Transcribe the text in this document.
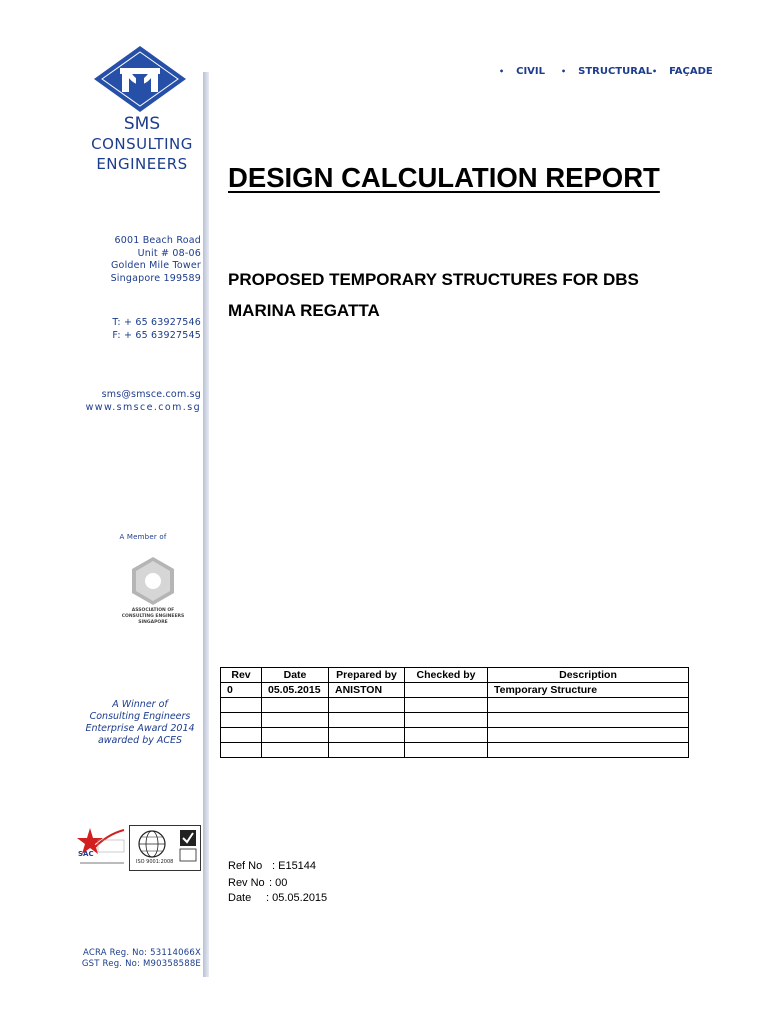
SMS
CONSULTING
ENGINEERS
6001 Beach Road
Unit # 08-06
Golden Mile Tower
Singapore 199589
T: + 65 63927546
F: + 65 63927545
sms@smsce.com.sg
www.smsce.com.sg
A Member of
ASSOCIATION OF
CONSULTING ENGINEERS
SINGAPORE
A Winner of
Consulting Engineers
Enterprise Award 2014
awarded by ACES
SAC
ISO 9001:2008
ACRA Reg. No: 53114066X
GST Reg. No: M90358588E
• CIVIL • STRUCTURAL • FAÇADE
DESIGN CALCULATION REPORT
PROPOSED TEMPORARY STRUCTURES FOR DBS
MARINA REGATTA
Rev	Date	Prepared by	Checked by	Description
0	05.05.2015	ANISTON		Temporary Structure

Ref No : E15144
Rev No : 00
Date : 05.05.2015
